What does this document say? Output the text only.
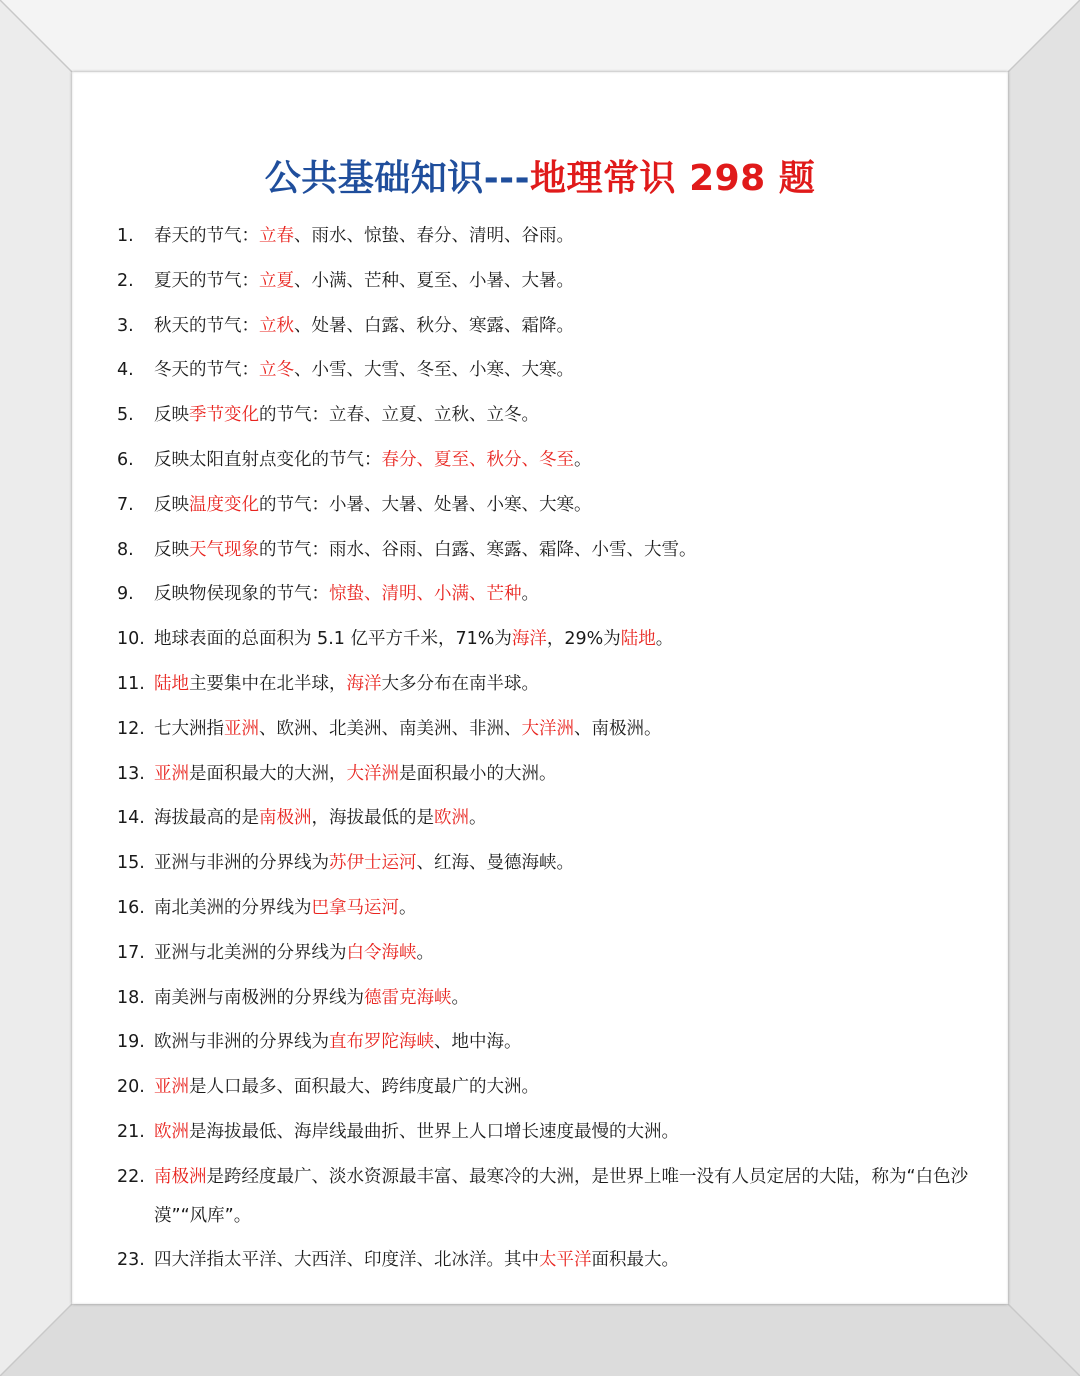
公共基础知识---地理常识 298 题
1.	春天的节气：立春、雨水、惊蛰、春分、清明、谷雨。
2.	夏天的节气：立夏、小满、芒种、夏至、小暑、大暑。
3.	秋天的节气：立秋、处暑、白露、秋分、寒露、霜降。
4.	冬天的节气：立冬、小雪、大雪、冬至、小寒、大寒。
5.	反映季节变化的节气：立春、立夏、立秋、立冬。
6.	反映太阳直射点变化的节气：春分、夏至、秋分、冬至。
7.	反映温度变化的节气：小暑、大暑、处暑、小寒、大寒。
8.	反映天气现象的节气：雨水、谷雨、白露、寒露、霜降、小雪、大雪。
9.	反映物侯现象的节气：惊蛰、清明、小满、芒种。
10. 地球表面的总面积为 5.1 亿平方千米，71%为海洋，29%为陆地。
11. 陆地主要集中在北半球，海洋大多分布在南半球。
12. 七大洲指亚洲、欧洲、北美洲、南美洲、非洲、大洋洲、南极洲。
13. 亚洲是面积最大的大洲，大洋洲是面积最小的大洲。
14. 海拔最高的是南极洲，海拔最低的是欧洲。
15. 亚洲与非洲的分界线为苏伊士运河、红海、曼德海峡。
16. 南北美洲的分界线为巴拿马运河。
17. 亚洲与北美洲的分界线为白令海峡。
18. 南美洲与南极洲的分界线为德雷克海峡。
19. 欧洲与非洲的分界线为直布罗陀海峡、地中海。
20. 亚洲是人口最多、面积最大、跨纬度最广的大洲。
21. 欧洲是海拔最低、海岸线最曲折、世界上人口增长速度最慢的大洲。
22. 南极洲是跨经度最广、淡水资源最丰富、最寒冷的大洲，是世界上唯一没有人员定居的大陆，称为“白色沙漠”“风库”。
23. 四大洋指太平洋、大西洋、印度洋、北冰洋。其中太平洋面积最大。
